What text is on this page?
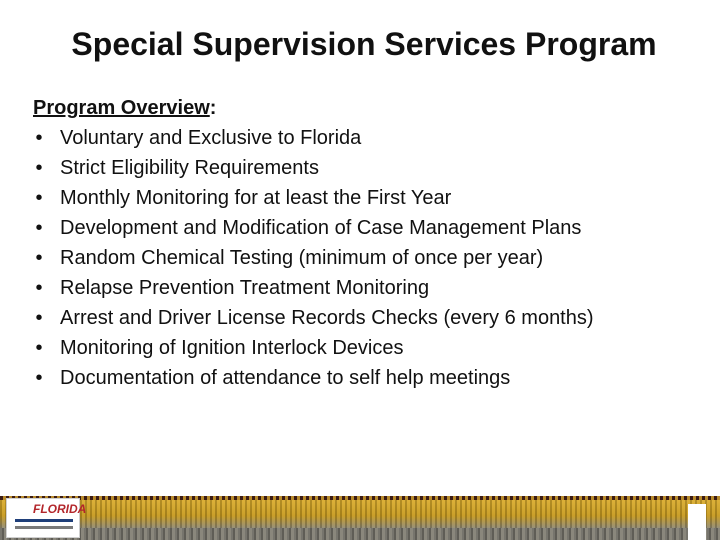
Special Supervision Services Program
Program Overview:
• Voluntary and Exclusive to Florida
• Strict Eligibility Requirements
• Monthly Monitoring for at least the First Year
• Development and Modification of Case Management Plans
• Random Chemical Testing (minimum of once per year)
• Relapse Prevention Treatment Monitoring
• Arrest and Driver License Records Checks (every 6 months)
• Monitoring of Ignition Interlock Devices
• Documentation of attendance to self help meetings
FLORIDA
